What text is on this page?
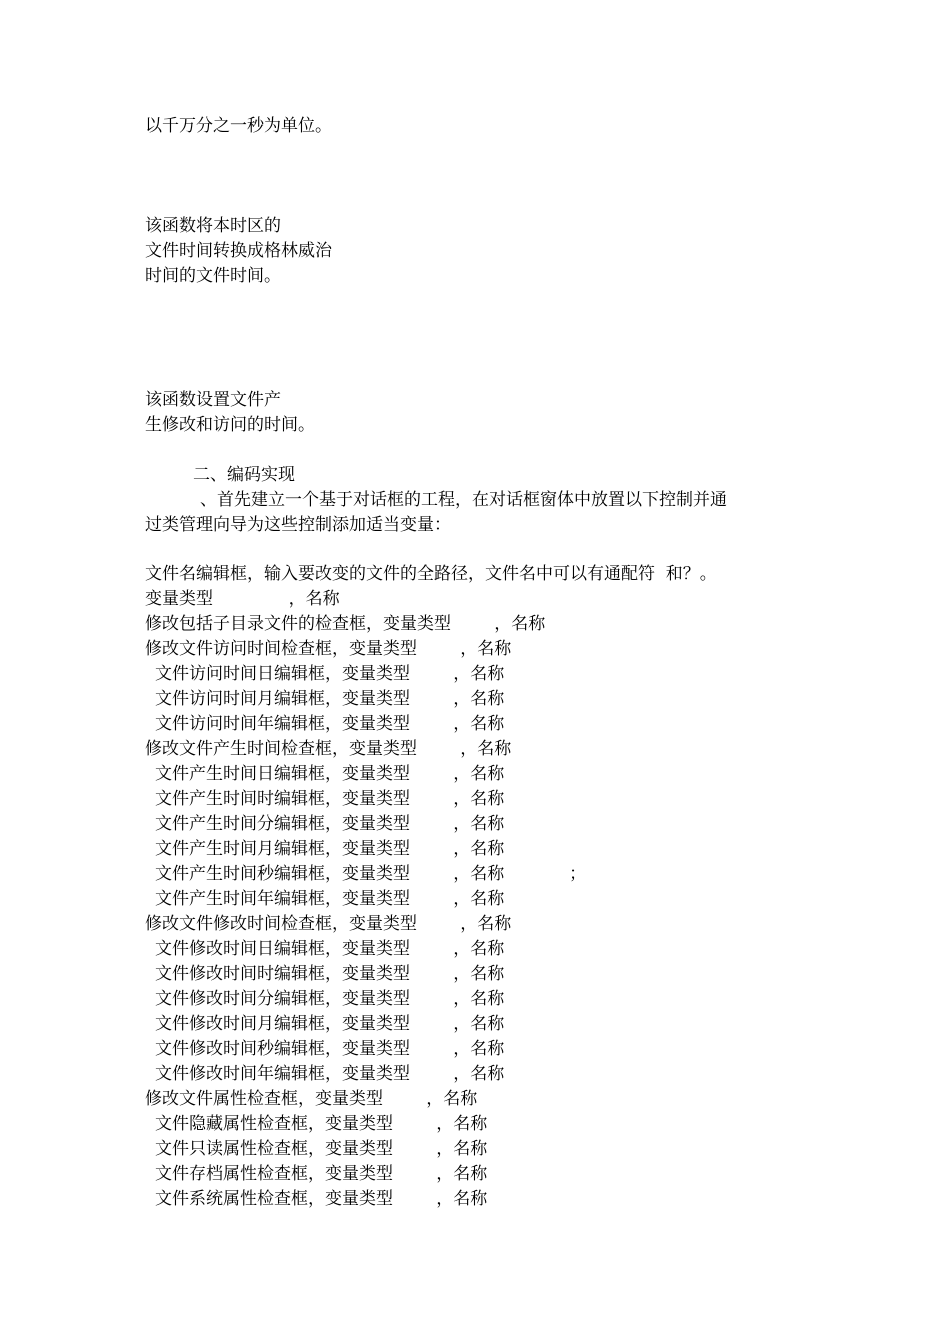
以千万分之一秒为单位。
该函数将本时区的
文件时间转换成格林威治
时间的文件时间。
该函数设置文件产
生修改和访问的时间。
二、编码实现
、首先建立一个基于对话框的工程，在对话框窗体中放置以下控制并通
过类管理向导为这些控制添加适当变量：
文件名编辑框，输入要改变的文件的全路径，文件名中可以有通配符  和？。
变量类型              ，名称
修改包括子目录文件的检查框，变量类型        ，名称
修改文件访问时间检查框，变量类型        ，名称
文件访问时间日编辑框，变量类型        ，名称
文件访问时间月编辑框，变量类型        ，名称
文件访问时间年编辑框，变量类型        ，名称
修改文件产生时间检查框，变量类型        ，名称
文件产生时间日编辑框，变量类型        ，名称
文件产生时间时编辑框，变量类型        ，名称
文件产生时间分编辑框，变量类型        ，名称
文件产生时间月编辑框，变量类型        ，名称
文件产生时间秒编辑框，变量类型        ，名称            ；
文件产生时间年编辑框，变量类型        ，名称
修改文件修改时间检查框，变量类型        ，名称
文件修改时间日编辑框，变量类型        ，名称
文件修改时间时编辑框，变量类型        ，名称
文件修改时间分编辑框，变量类型        ，名称
文件修改时间月编辑框，变量类型        ，名称
文件修改时间秒编辑框，变量类型        ，名称
文件修改时间年编辑框，变量类型        ，名称
修改文件属性检查框，变量类型        ，名称
文件隐藏属性检查框，变量类型        ，名称
文件只读属性检查框，变量类型        ，名称
文件存档属性检查框，变量类型        ，名称
文件系统属性检查框，变量类型        ，名称
